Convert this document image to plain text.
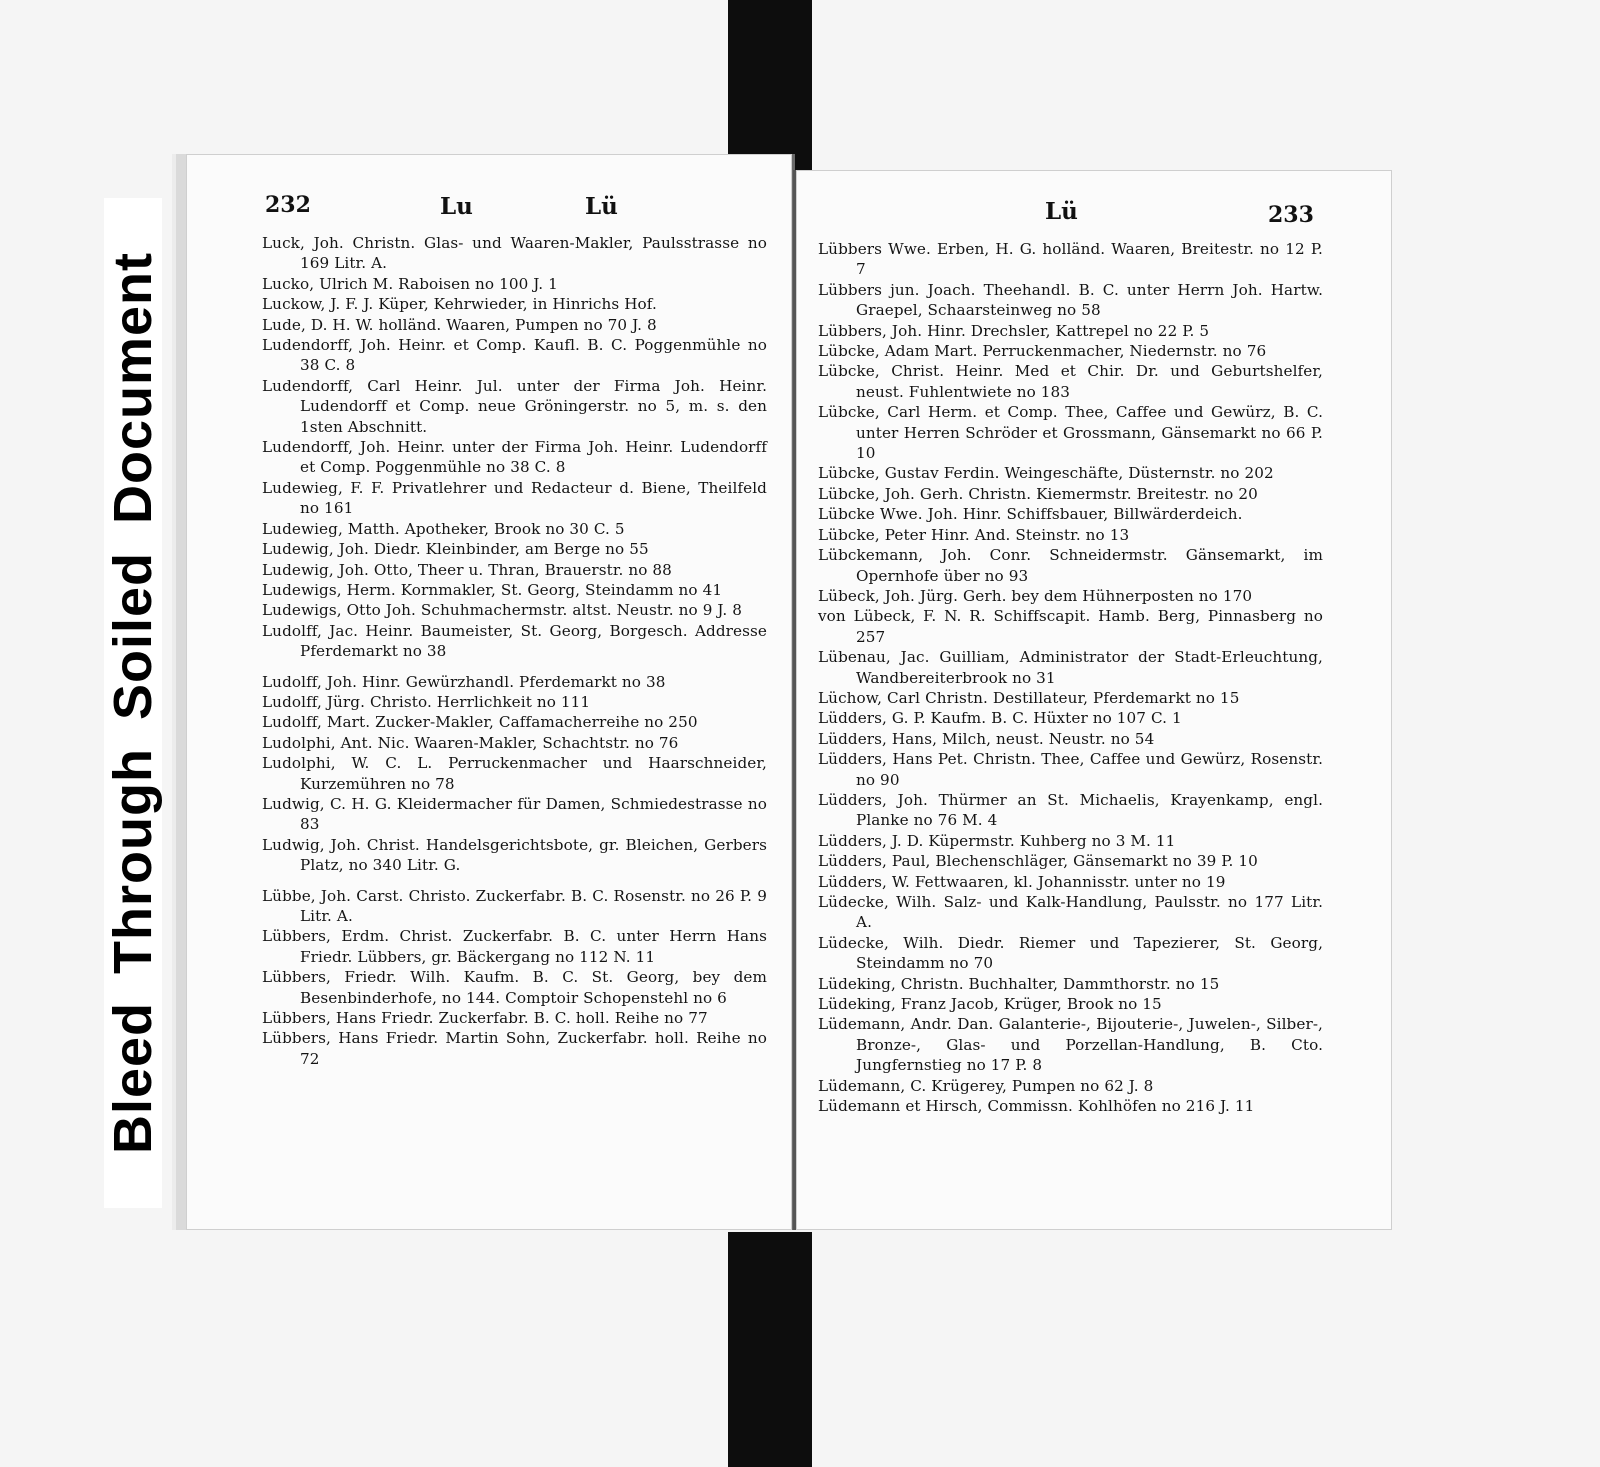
BleedThroughSoiledDocument
232	Lu	Lü	Lü	233
Luck, Joh. Christn. Glas- und Waaren-Makler, Paulsstrasse no 169 Litr. A.
Lucko, Ulrich M. Raboisen no 100 J. 1
Luckow, J. F. J. Küper, Kehrwieder, in Hinrichs Hof.
Lude, D. H. W. holländ. Waaren, Pumpen no 70 J. 8
Ludendorff, Joh. Heinr. et Comp. Kaufl. B. C. Poggenmühle no 38 C. 8
Ludendorff, Carl Heinr. Jul. unter der Firma Joh. Heinr. Ludendorff et Comp. neue Gröningerstr. no 5, m. s. den 1sten Abschnitt.
Ludendorff, Joh. Heinr. unter der Firma Joh. Heinr. Ludendorff et Comp. Poggenmühle no 38 C. 8
Ludewieg, F. F. Privatlehrer und Redacteur d. Biene, Theilfeld no 161
Ludewieg, Matth. Apotheker, Brook no 30 C. 5
Ludewig, Joh. Diedr. Kleinbinder, am Berge no 55
Ludewig, Joh. Otto, Theer u. Thran, Brauerstr. no 88
Ludewigs, Herm. Kornmakler, St. Georg, Steindamm no 41
Ludewigs, Otto Joh. Schuhmachermstr. altst. Neustr. no 9 J. 8
Ludolff, Jac. Heinr. Baumeister, St. Georg, Borgesch. Addresse Pferdemarkt no 38
Ludolff, Joh. Hinr. Gewürzhandl. Pferdemarkt no 38
Ludolff, Jürg. Christo. Herrlichkeit no 111
Ludolff, Mart. Zucker-Makler, Caffamacherreihe no 250
Ludolphi, Ant. Nic. Waaren-Makler, Schachtstr. no 76
Ludolphi, W. C. L. Perruckenmacher und Haarschneider, Kurzemühren no 78
Ludwig, C. H. G. Kleidermacher für Damen, Schmiedestrasse no 83
Ludwig, Joh. Christ. Handelsgerichtsbote, gr. Bleichen, Gerbers Platz, no 340 Litr. G.
Lübbe, Joh. Carst. Christo. Zuckerfabr. B. C. Rosenstr. no 26 P. 9 Litr. A.
Lübbers, Erdm. Christ. Zuckerfabr. B. C. unter Herrn Hans Friedr. Lübbers, gr. Bäckergang no 112 N. 11
Lübbers, Friedr. Wilh. Kaufm. B. C. St. Georg, bey dem Besenbinderhofe, no 144. Comptoir Schopenstehl no 6
Lübbers, Hans Friedr. Zuckerfabr. B. C. holl. Reihe no 77
Lübbers, Hans Friedr. Martin Sohn, Zuckerfabr. holl. Reihe no 72
Lübbers Wwe. Erben, H. G. holländ. Waaren, Breitestr. no 12 P. 7
Lübbers jun. Joach. Theehandl. B. C. unter Herrn Joh. Hartw. Graepel, Schaarsteinweg no 58
Lübbers, Joh. Hinr. Drechsler, Kattrepel no 22 P. 5
Lübcke, Adam Mart. Perruckenmacher, Niedernstr. no 76
Lübcke, Christ. Heinr. Med et Chir. Dr. und Geburtshelfer, neust. Fuhlentwiete no 183
Lübcke, Carl Herm. et Comp. Thee, Caffee und Gewürz, B. C. unter Herren Schröder et Grossmann, Gänsemarkt no 66 P. 10
Lübcke, Gustav Ferdin. Weingeschäfte, Düsternstr. no 202
Lübcke, Joh. Gerh. Christn. Kiemermstr. Breitestr. no 20
Lübcke Wwe. Joh. Hinr. Schiffsbauer, Billwärderdeich.
Lübcke, Peter Hinr. And. Steinstr. no 13
Lübckemann, Joh. Conr. Schneidermstr. Gänsemarkt, im Opernhofe über no 93
Lübeck, Joh. Jürg. Gerh. bey dem Hühnerposten no 170
von Lübeck, F. N. R. Schiffscapit. Hamb. Berg, Pinnasberg no 257
Lübenau, Jac. Guilliam, Administrator der Stadt-Erleuchtung, Wandbereiterbrook no 31
Lüchow, Carl Christn. Destillateur, Pferdemarkt no 15
Lüdders, G. P. Kaufm. B. C. Hüxter no 107 C. 1
Lüdders, Hans, Milch, neust. Neustr. no 54
Lüdders, Hans Pet. Christn. Thee, Caffee und Gewürz, Rosenstr. no 90
Lüdders, Joh. Thürmer an St. Michaelis, Krayenkamp, engl. Planke no 76 M. 4
Lüdders, J. D. Küpermstr. Kuhberg no 3 M. 11
Lüdders, Paul, Blechenschläger, Gänsemarkt no 39 P. 10
Lüdders, W. Fettwaaren, kl. Johannisstr. unter no 19
Lüdecke, Wilh. Salz- und Kalk-Handlung, Paulsstr. no 177 Litr. A.
Lüdecke, Wilh. Diedr. Riemer und Tapezierer, St. Georg, Steindamm no 70
Lüdeking, Christn. Buchhalter, Dammthorstr. no 15
Lüdeking, Franz Jacob, Krüger, Brook no 15
Lüdemann, Andr. Dan. Galanterie-, Bijouterie-, Juwelen-, Silber-, Bronze-, Glas- und Porzellan-Handlung, B. Cto. Jungfernstieg no 17 P. 8
Lüdemann, C. Krügerey, Pumpen no 62 J. 8
Lüdemann et Hirsch, Commissn. Kohlhöfen no 216 J. 11
